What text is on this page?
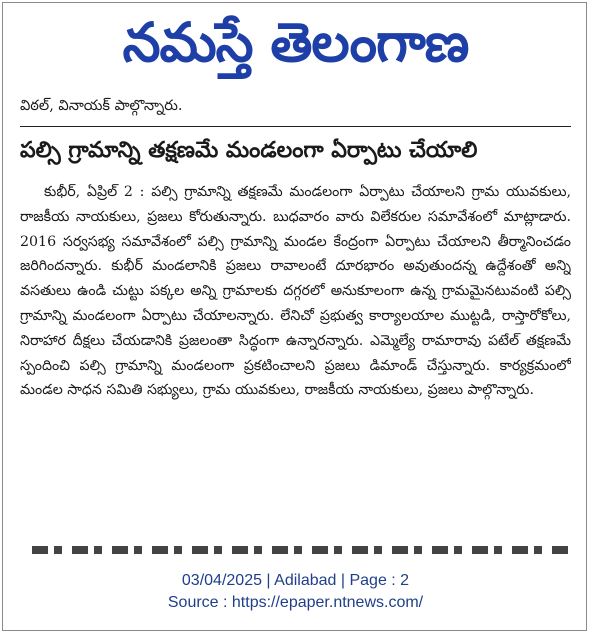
నమస్తే తెలంగాణ
విఠల్, వినాయక్ పాల్గొన్నారు.
పల్సి గ్రామాన్ని తక్షణమే మండలంగా ఏర్పాటు చేయాలి

కుభీర్, ఏప్రిల్ 2 : పల్సి గ్రామాన్ని తక్షణమే మండలంగా ఏర్పాటు చేయాలని గ్రామ యువకులు, రాజకీయ నాయకులు, ప్రజలు కోరుతున్నారు. బుధవారం వారు విలేకరుల సమావేశంలో మాట్లాడారు. 2016 సర్వసభ్య సమావేశంలో పల్సి గ్రామాన్ని మండల కేంద్రంగా ఏర్పాటు చేయాలని తీర్మానించడం జరిగిందన్నారు. కుభీర్ మండలానికి ప్రజలు రావాలంటే దూరభారం అవుతుందన్న ఉద్దేశంతో అన్ని వసతులు ఉండి చుట్టు పక్కల అన్ని గ్రామాలకు దగ్గరలో అనుకూలంగా ఉన్న గ్రామమైనటువంటి పల్సి గ్రామాన్ని మండలంగా ఏర్పాటు చేయాలన్నారు. లేనిచో ప్రభుత్వ కార్యాలయాల ముట్టడి, రాస్తారోకోలు, నిరాహార దీక్షలు చేయడానికి ప్రజలంతా సిద్ధంగా ఉన్నారన్నారు. ఎమ్మెల్యే రామారావు పటేల్ తక్షణమే స్పందించి పల్సి గ్రామాన్ని మండలంగా ప్రకటించాలని ప్రజలు డిమాండ్ చేస్తున్నారు. కార్యక్రమంలో మండల సాధన సమితి సభ్యులు, గ్రామ యువకులు, రాజకీయ నాయకులు, ప్రజలు పాల్గొన్నారు.

03/04/2025 | Adilabad | Page : 2
Source : https://epaper.ntnews.com/
